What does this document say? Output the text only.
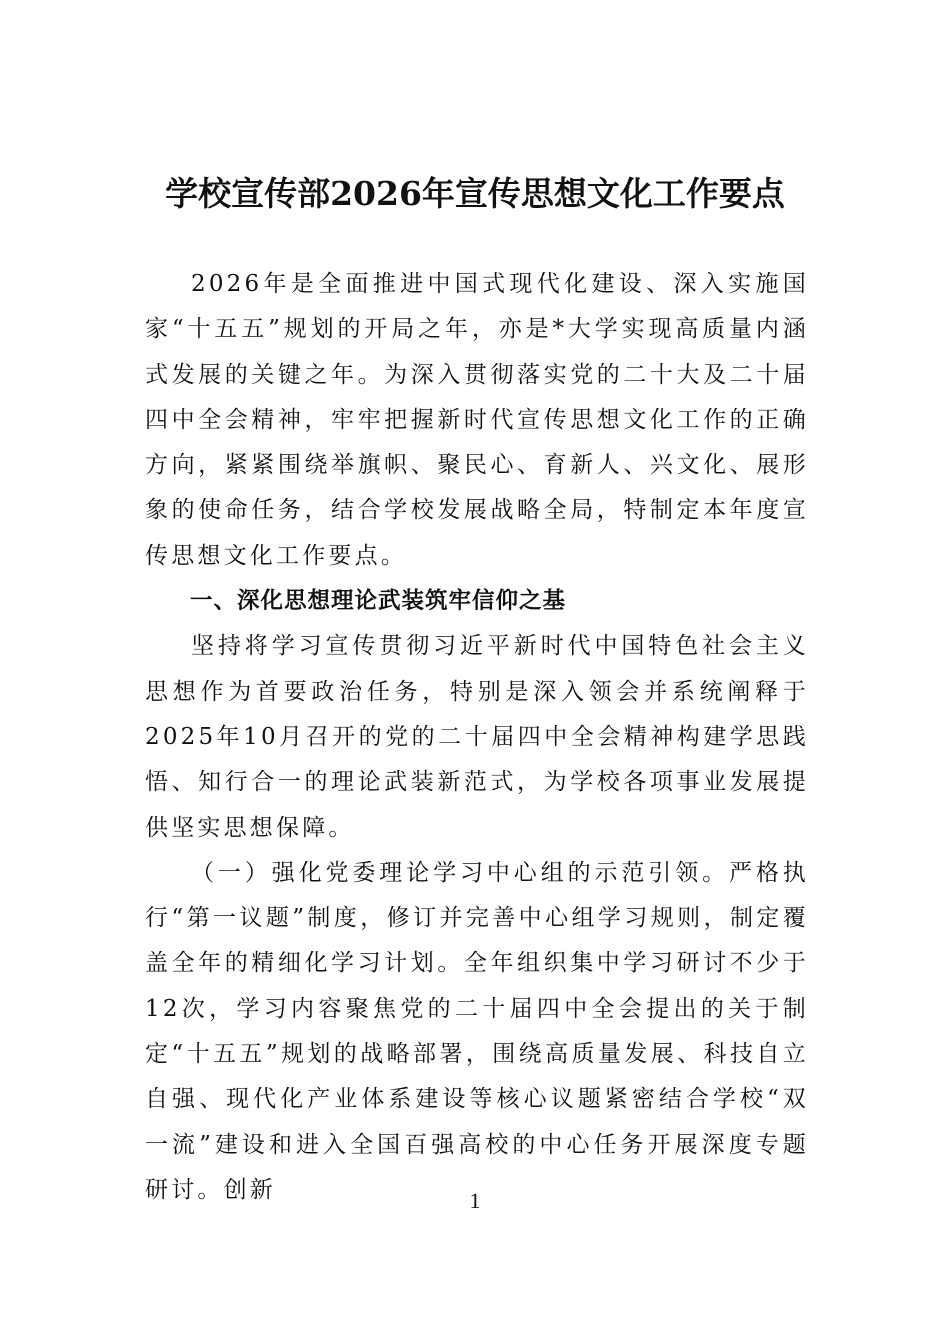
学校宣传部2026年宣传思想文化工作要点

2026年是全面推进中国式现代化建设、深入实施国家“十五五”规划的开局之年，亦是*大学实现高质量内涵式发展的关键之年。为深入贯彻落实党的二十大及二十届四中全会精神，牢牢把握新时代宣传思想文化工作的正确方向，紧紧围绕举旗帜、聚民心、育新人、兴文化、展形象的使命任务，结合学校发展战略全局，特制定本年度宣传思想文化工作要点。

一、深化思想理论武装筑牢信仰之基

坚持将学习宣传贯彻习近平新时代中国特色社会主义思想作为首要政治任务，特别是深入领会并系统阐释于2025年10月召开的党的二十届四中全会精神构建学思践悟、知行合一的理论武装新范式，为学校各项事业发展提供坚实思想保障。

（一）强化党委理论学习中心组的示范引领。严格执行“第一议题”制度，修订并完善中心组学习规则，制定覆盖全年的精细化学习计划。全年组织集中学习研讨不少于12次，学习内容聚焦党的二十届四中全会提出的关于制定“十五五”规划的战略部署，围绕高质量发展、科技自立自强、现代化产业体系建设等核心议题紧密结合学校“双一流”建设和进入全国百强高校的中心任务开展深度专题研讨。创新	1
